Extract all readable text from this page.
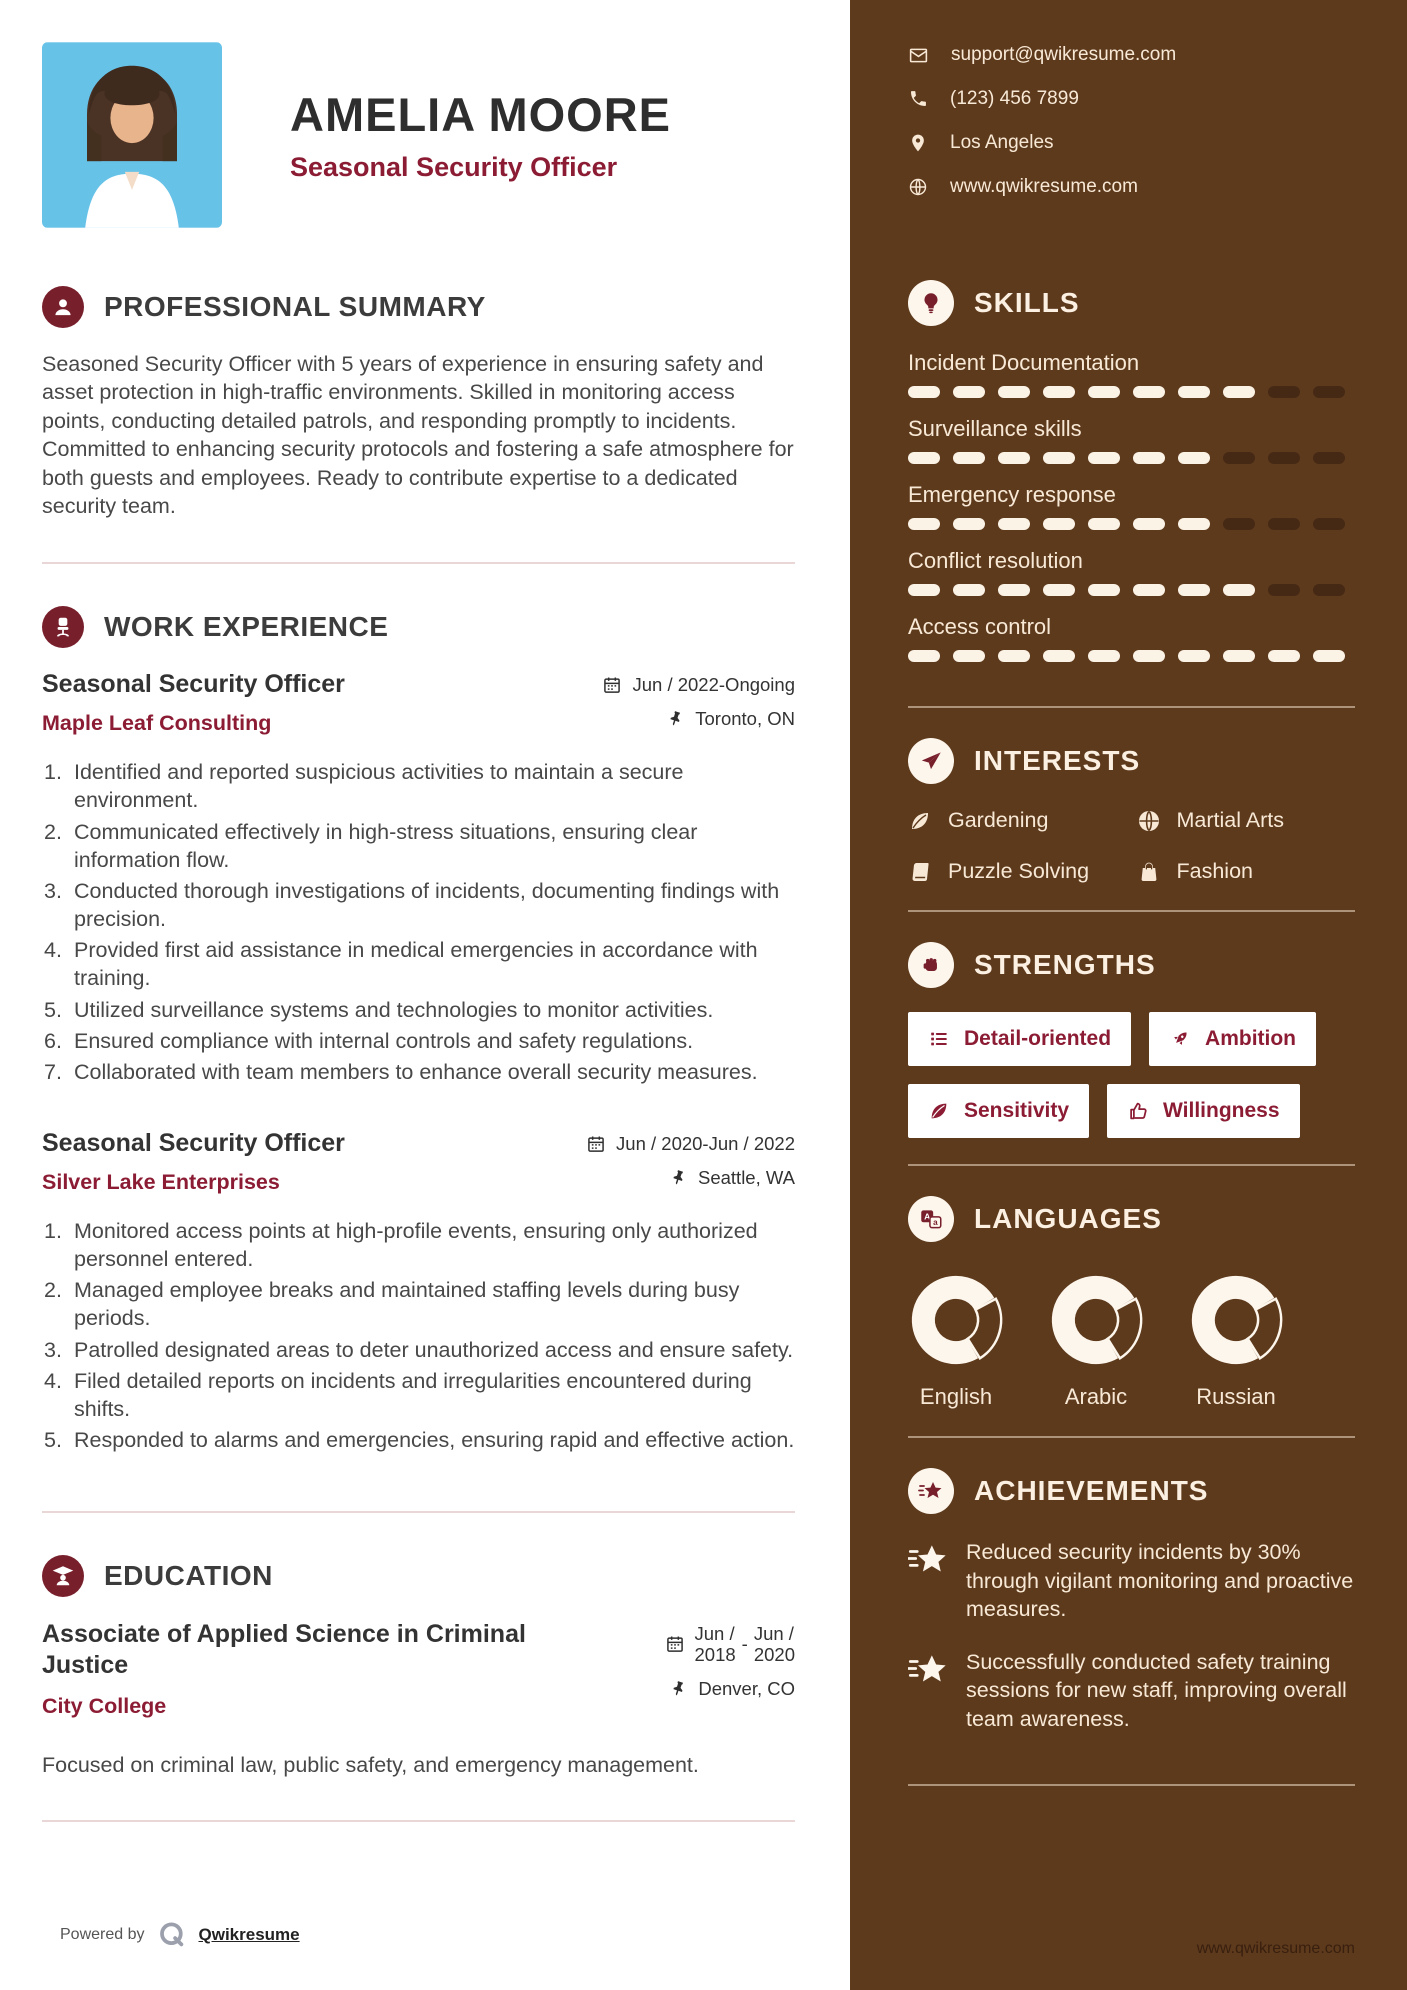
AMELIA MOORE
Seasonal Security Officer
PROFESSIONAL SUMMARY

Seasoned Security Officer with 5 years of experience in ensuring safety and asset protection in high-traffic environments. Skilled in monitoring access points, conducting detailed patrols, and responding promptly to incidents. Committed to enhancing security protocols and fostering a safe atmosphere for both guests and employees. Ready to contribute expertise to a dedicated security team.

WORK EXPERIENCE
Seasonal Security Officer
Maple Leaf Consulting
Jun / 2022-Ongoing
Toronto, ON
Identified and reported suspicious activities to maintain a secure environment.
Communicated effectively in high-stress situations, ensuring clear information flow.
Conducted thorough investigations of incidents, documenting findings with precision.
Provided first aid assistance in medical emergencies in accordance with training.
Utilized surveillance systems and technologies to monitor activities.
Ensured compliance with internal controls and safety regulations.
Collaborated with team members to enhance overall security measures.
Seasonal Security Officer
Silver Lake Enterprises
Jun / 2020-Jun / 2022
Seattle, WA
Monitored access points at high-profile events, ensuring only authorized personnel entered.
Managed employee breaks and maintained staffing levels during busy periods.
Patrolled designated areas to deter unauthorized access and ensure safety.
Filed detailed reports on incidents and irregularities encountered during shifts.
Responded to alarms and emergencies, ensuring rapid and effective action.
EDUCATION
Associate of Applied Science in Criminal Justice
City College
Jun /
2018
- Jun /
2020
Denver, CO

Focused on criminal law, public safety, and emergency management.

Powered by	Qwikresume
support@qwikresume.com
(123) 456 7899
Los Angeles
www.qwikresume.com
SKILLS
Incident Documentation
Surveillance skills
Emergency response
Conflict resolution
Access control
INTERESTS
Gardening	Martial Arts
Puzzle Solving	Fashion
STRENGTHS
Detail-oriented	Ambition
Sensitivity	Willingness
A
a LANGUAGES
English	Arabic	Russian
ACHIEVEMENTS

Reduced security incidents by 30% through vigilant monitoring and proactive measures.

Successfully conducted safety training sessions for new staff, improving overall team awareness.

www.qwikresume.com
